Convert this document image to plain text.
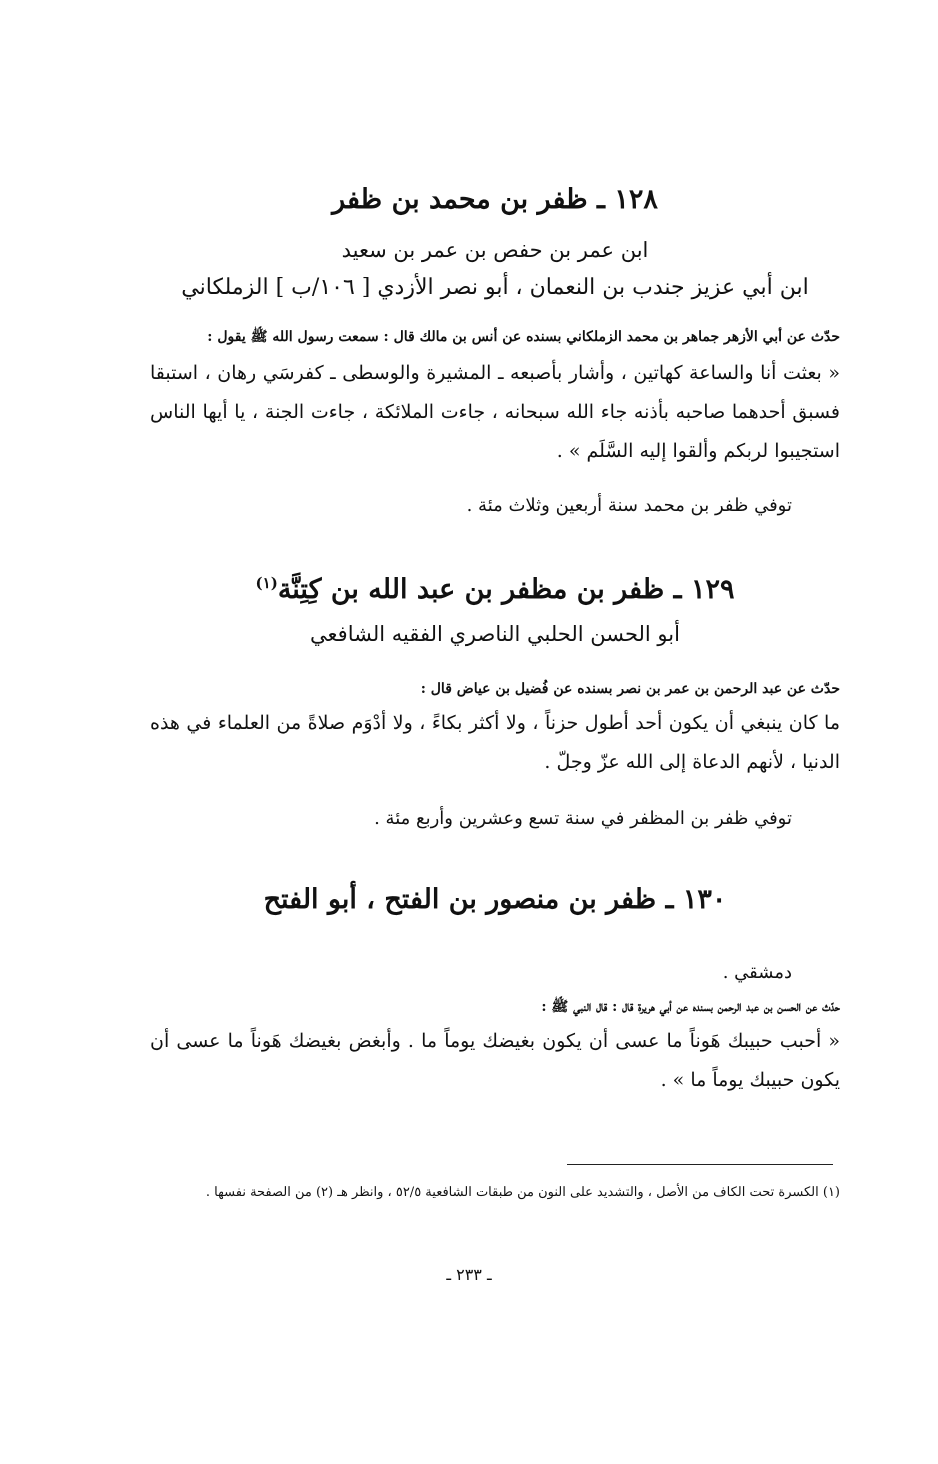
١٢٨ ـ ظفر بن محمد بن ظفر

ابن عمر بن حفص بن عمر بن سعيد

ابن أبي عزيز جندب بن النعمان ، أبو نصر الأزدي [ ١٠٦/ب ] الزملكاني

حدّث عن أبي الأزهر جماهر بن محمد الزملكاني بسنده عن أنس بن مالك قال : سمعت رسول الله ﷺ يقول :

« بعثت أنا والساعة كهاتين ، وأشار بأصبعه ـ المشيرة والوسطى ـ كفرسَي رهان ، استبقا فسبق أحدهما صاحبه بأذنه جاء الله سبحانه ، جاءت الملائكة ، جاءت الجنة ، يا أيها الناس استجيبوا لربكم وألقوا إليه السَّلَم » .

توفي ظفر بن محمد سنة أربعين وثلاث مئة .

١٢٩ ـ ظفر بن مظفر بن عبد الله بن كِتِنَّة$^{(١)}$

أبو الحسن الحلبي الناصري الفقيه الشافعي

حدّث عن عبد الرحمن بن عمر بن نصر بسنده عن فُضيل بن عياض قال :

ما كان ينبغي أن يكون أحد أطول حزناً ، ولا أكثر بكاءً ، ولا أدْوَم صلاةً من العلماء في هذه الدنيا ، لأنهم الدعاة إلى الله عزّ وجلّ .

توفي ظفر بن المظفر في سنة تسع وعشرين وأربع مئة .

١٣٠ ـ ظفر بن منصور بن الفتح ، أبو الفتح

دمشقي .

حدّث عن الحسن بن عبد الرحمن بسنده عن أبي هريرة قال : قال النبي ﷺ :

« أحبب حبيبك هَوناً ما عسى أن يكون بغيضك يوماً ما . وأبغض بغيضك هَوناً ما عسى أن يكون حبيبك يوماً ما » .

(١) الكسرة تحت الكاف من الأصل ، والتشديد على النون من طبقات الشافعية ٥٢/٥ ، وانظر هـ (٢) من الصفحة نفسها .

ـ ٢٣٣ ـ
